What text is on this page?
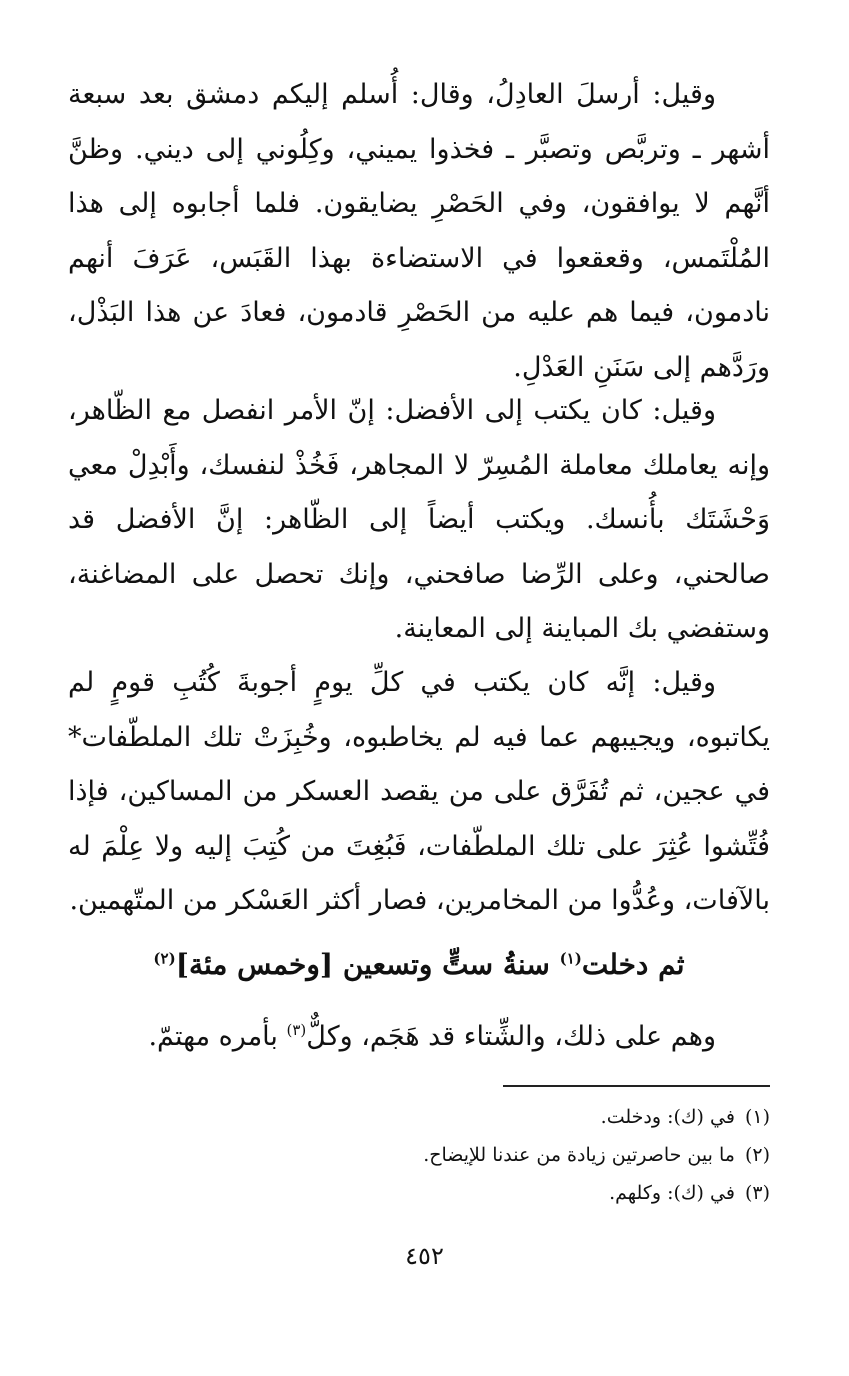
وقيل: أرسلَ العادِلُ، وقال: أُسلم إليكم دمشق بعد سبعة أشهر ـ وتربَّص وتصبَّر ـ فخذوا يميني، وكِلُوني إلى ديني. وظنَّ أنَّهم لا يوافقون، وفي الحَصْرِ يضايقون. فلما أجابوه إلى هذا المُلْتَمس، وقعقعوا في الاستضاءة بهذا القَبَس، عَرَفَ أنهم نادمون، فيما هم عليه من الحَصْرِ قادمون، فعادَ عن هذا البَذْل، ورَدَّهم إلى سَنَنِ العَدْلِ.

وقيل: كان يكتب إلى الأفضل: إنّ الأمر انفصل مع الظّاهر، وإنه يعاملك معاملة المُسِرّ لا المجاهر، فَخُذْ لنفسك، وأَبْدِلْ معي وَحْشَتَك بأُنسك. ويكتب أيضاً إلى الظّاهر: إنَّ الأفضل قد صالحني، وعلى الرِّضا صافحني، وإنك تحصل على المضاغنة، وستفضي بك المباينة إلى المعاينة.

وقيل: إنَّه كان يكتب في كلِّ يومٍ أجوبةَ كُتُبِ قومٍ لم يكاتبوه، ويجيبهم عما فيه لم يخاطبوه، وخُبِزَتْ تلك الملطّفات* في عجين، ثم تُفَرَّق على من يقصد العسكر من المساكين، فإذا فُتِّشوا عُثِرَ على تلك الملطّفات، فَبُغِتَ من كُتِبَ إليه ولا عِلْمَ له بالآفات، وعُدُّوا من المخامرين، فصار أكثر العَسْكر من المتّهمين.

ثم دخلت$^{(١)}$ سنةُ ستٍّ وتسعين [وخمس مئة]$^{(٢)}$

وهم على ذلك، والشِّتاء قد هَجَم، وكلٌّ$^{(٣)}$ بأمره مهتمّ.

(١)في (ك): ودخلت.
(٢)ما بين حاصرتين زيادة من عندنا للإيضاح.
(٣)في (ك): وكلهم.
٤٥٢
